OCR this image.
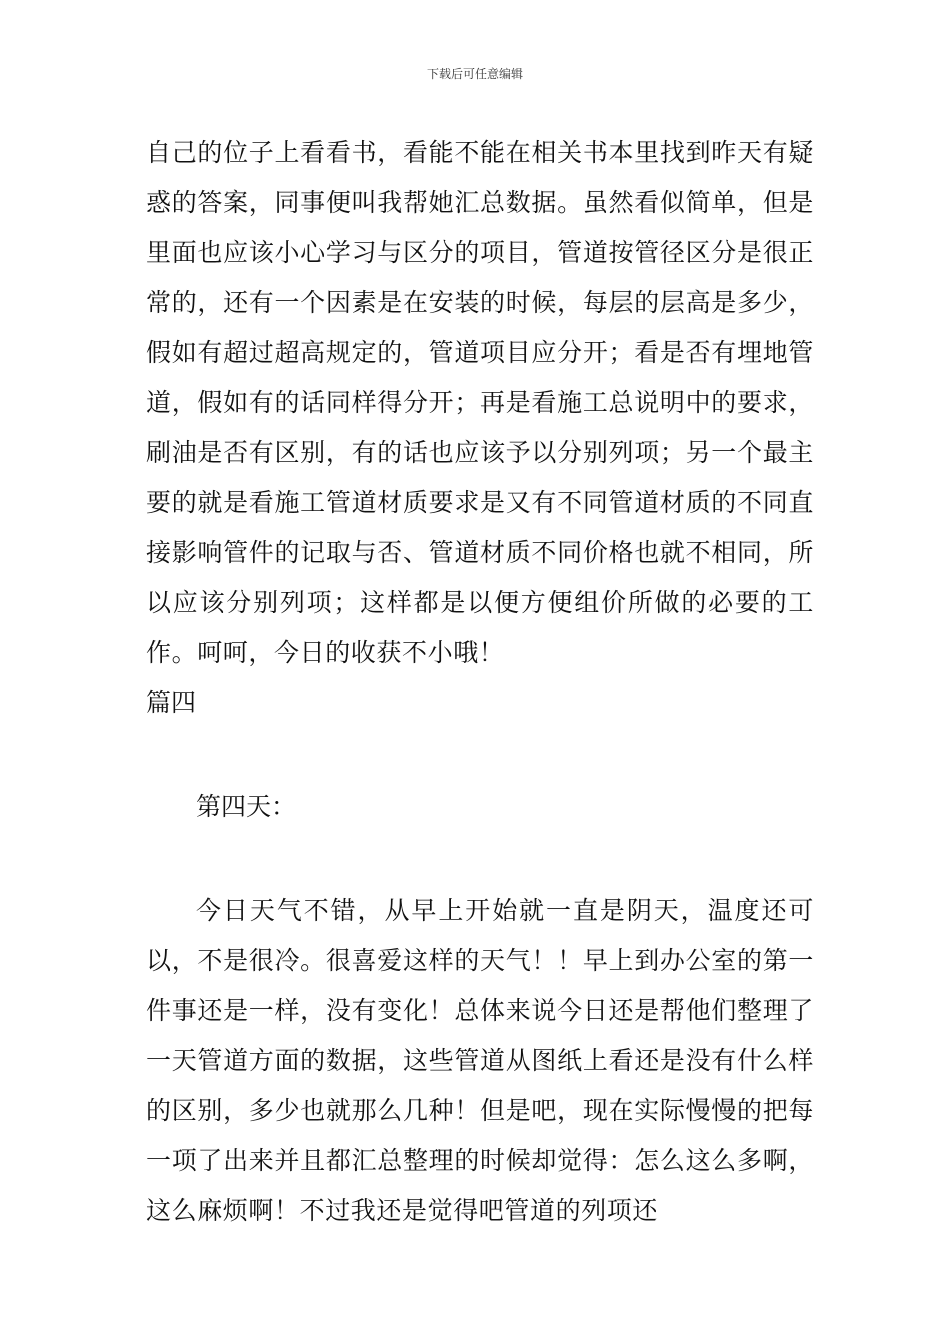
下载后可任意编辑

自己的位子上看看书，看能不能在相关书本里找到昨天有疑惑的答案，同事便叫我帮她汇总数据。虽然看似简单，但是里面也应该小心学习与区分的项目，管道按管径区分是很正常的，还有一个因素是在安装的时候，每层的层高是多少，假如有超过超高规定的，管道项目应分开；看是否有埋地管道，假如有的话同样得分开；再是看施工总说明中的要求，刷油是否有区别，有的话也应该予以分别列项；另一个最主要的就是看施工管道材质要求是又有不同管道材质的不同直接影响管件的记取与否、管道材质不同价格也就不相同，所以应该分别列项；这样都是以便方便组价所做的必要的工作。呵呵，今日的收获不小哦！

篇四

第四天：

今日天气不错，从早上开始就一直是阴天，温度还可以，不是很冷。很喜爱这样的天气！！早上到办公室的第一件事还是一样，没有变化！总体来说今日还是帮他们整理了一天管道方面的数据，这些管道从图纸上看还是没有什么样的区别，多少也就那么几种！但是吧，现在实际慢慢的把每一项了出来并且都汇总整理的时候却觉得：怎么这么多啊，这么麻烦啊！不过我还是觉得吧管道的列项还
